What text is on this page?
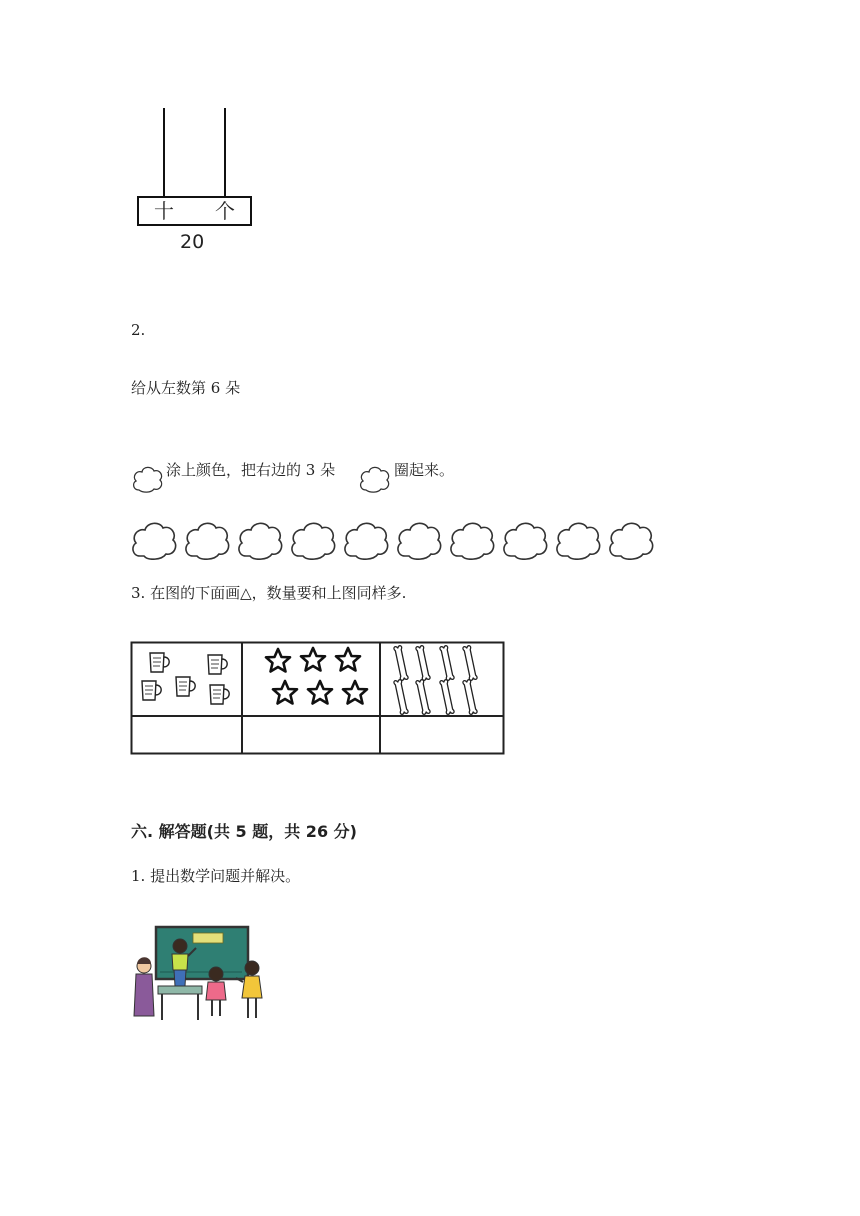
十 个
20
2.
给从左数第 6 朵
涂上颜色，把右边的 3 朵	圈起来。
3. 在图的下面画△，数量要和上图同样多.
六. 解答题(共 5 题，共 26 分)
1. 提出数学问题并解决。
